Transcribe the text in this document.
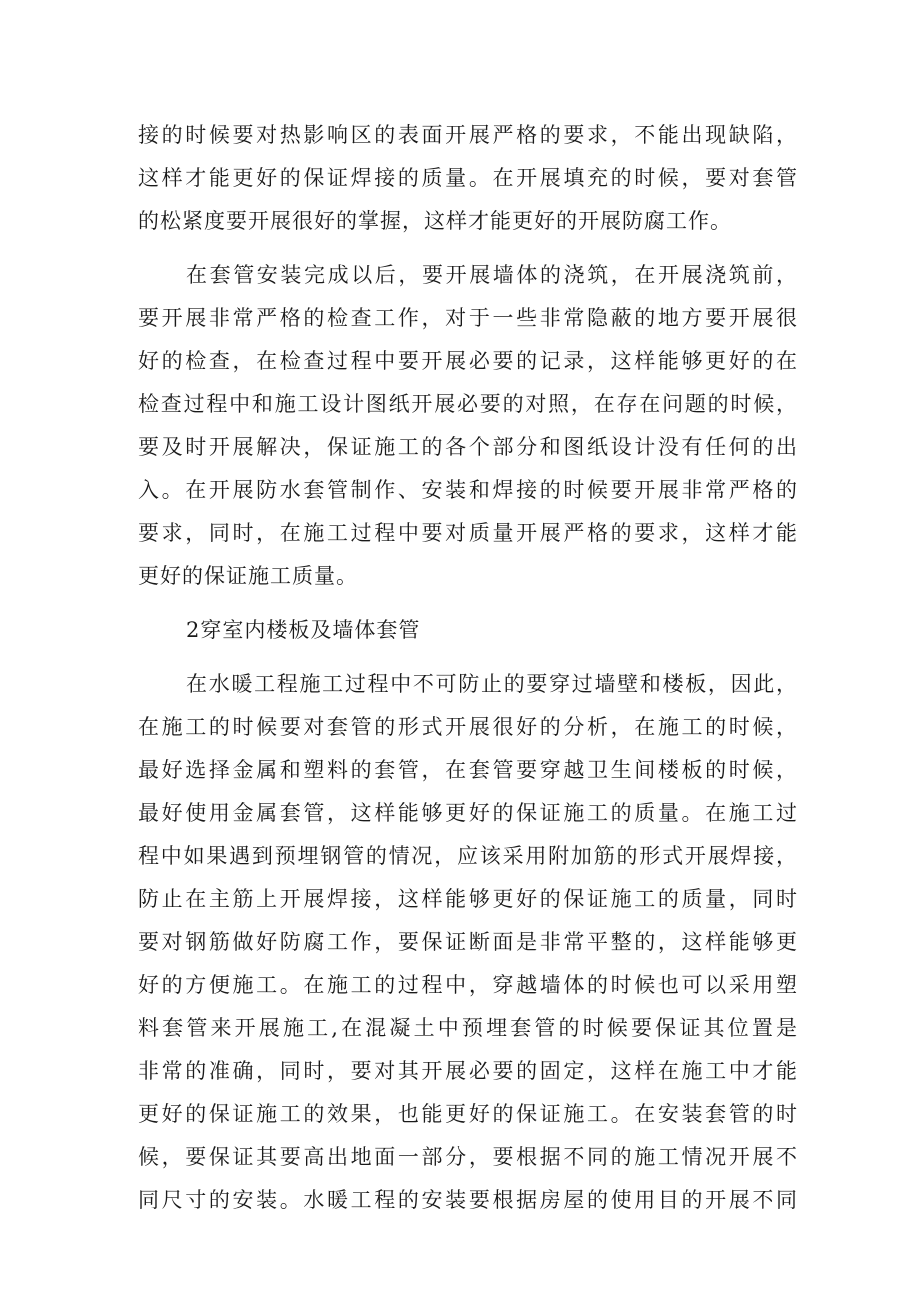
接的时候要对热影响区的表面开展严格的要求，不能出现缺陷，
这样才能更好的保证焊接的质量。在开展填充的时候，要对套管
的松紧度要开展很好的掌握，这样才能更好的开展防腐工作。
在套管安装完成以后，要开展墙体的浇筑，在开展浇筑前，
要开展非常严格的检查工作，对于一些非常隐蔽的地方要开展很
好的检查，在检查过程中要开展必要的记录，这样能够更好的在
检查过程中和施工设计图纸开展必要的对照，在存在问题的时候，
要及时开展解决，保证施工的各个部分和图纸设计没有任何的出
入。在开展防水套管制作、安装和焊接的时候要开展非常严格的
要求，同时，在施工过程中要对质量开展严格的要求，这样才能
更好的保证施工质量。
2穿室内楼板及墙体套管
在水暖工程施工过程中不可防止的要穿过墙壁和楼板，因此，
在施工的时候要对套管的形式开展很好的分析，在施工的时候，
最好选择金属和塑料的套管，在套管要穿越卫生间楼板的时候，
最好使用金属套管，这样能够更好的保证施工的质量。在施工过
程中如果遇到预埋钢管的情况，应该采用附加筋的形式开展焊接，
防止在主筋上开展焊接，这样能够更好的保证施工的质量，同时
要对钢筋做好防腐工作，要保证断面是非常平整的，这样能够更
好的方便施工。在施工的过程中，穿越墙体的时候也可以采用塑
料套管来开展施工,在混凝土中预埋套管的时候要保证其位置是
非常的准确，同时，要对其开展必要的固定，这样在施工中才能
更好的保证施工的效果，也能更好的保证施工。在安装套管的时
候，要保证其要高出地面一部分，要根据不同的施工情况开展不
同尺寸的安装。水暖工程的安装要根据房屋的使用目的开展不同
